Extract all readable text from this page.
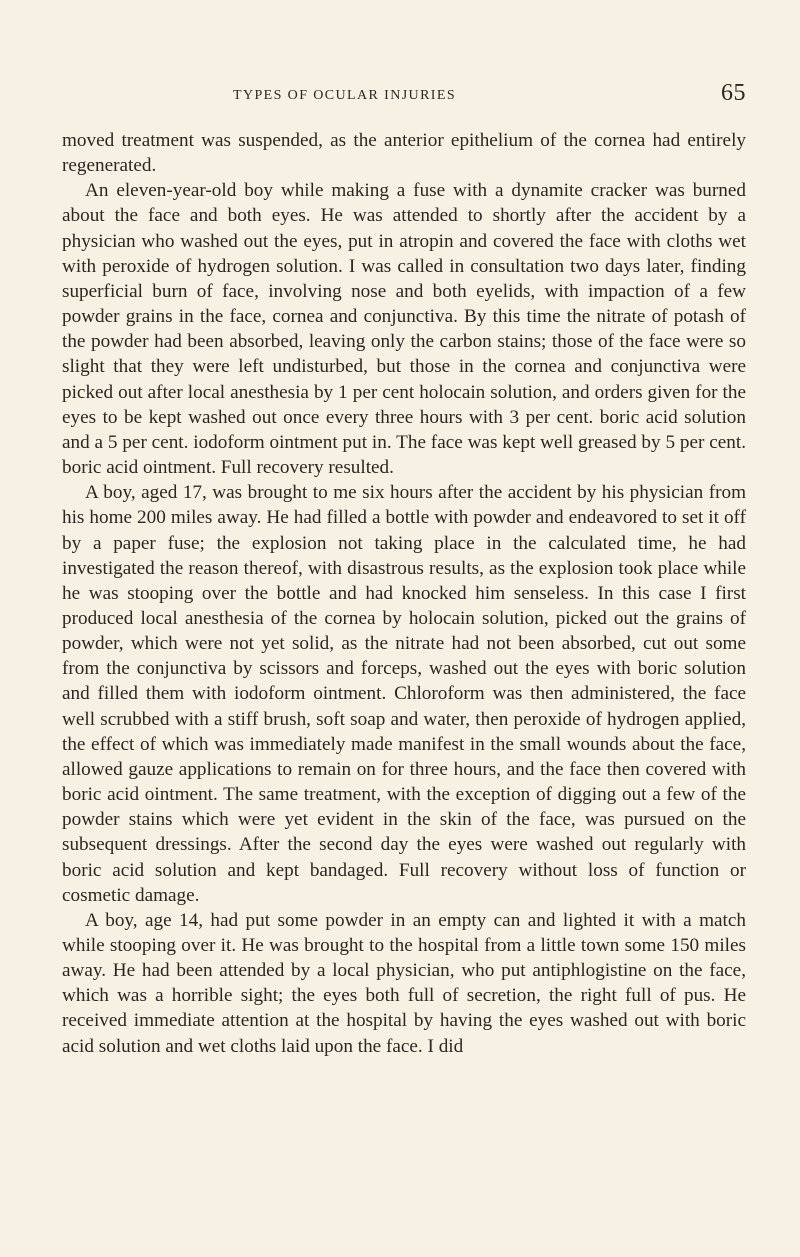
TYPES OF OCULAR INJURIES	65

moved treatment was suspended, as the anterior epithelium of the cornea had entirely regenerated.

An eleven-year-old boy while making a fuse with a dynamite cracker was burned about the face and both eyes. He was attended to shortly after the accident by a physician who washed out the eyes, put in atropin and covered the face with cloths wet with peroxide of hydrogen solution. I was called in consultation two days later, finding superficial burn of face, involving nose and both eyelids, with impaction of a few powder grains in the face, cornea and conjunctiva. By this time the nitrate of potash of the powder had been absorbed, leaving only the carbon stains; those of the face were so slight that they were left undisturbed, but those in the cornea and conjunctiva were picked out after local anesthesia by 1 per cent holocain solution, and orders given for the eyes to be kept washed out once every three hours with 3 per cent. boric acid solution and a 5 per cent. iodoform ointment put in. The face was kept well greased by 5 per cent. boric acid ointment. Full recovery resulted.

A boy, aged 17, was brought to me six hours after the accident by his physician from his home 200 miles away. He had filled a bottle with powder and endeavored to set it off by a paper fuse; the explosion not taking place in the calculated time, he had investigated the reason thereof, with disastrous results, as the explosion took place while he was stooping over the bottle and had knocked him senseless. In this case I first produced local anesthesia of the cornea by holocain solution, picked out the grains of powder, which were not yet solid, as the nitrate had not been absorbed, cut out some from the conjunctiva by scissors and forceps, washed out the eyes with boric solution and filled them with iodoform ointment. Chloroform was then administered, the face well scrubbed with a stiff brush, soft soap and water, then peroxide of hydrogen applied, the effect of which was immediately made manifest in the small wounds about the face, allowed gauze applications to remain on for three hours, and the face then covered with boric acid ointment. The same treatment, with the exception of digging out a few of the powder stains which were yet evident in the skin of the face, was pursued on the subsequent dressings. After the second day the eyes were washed out regularly with boric acid solution and kept bandaged. Full recovery without loss of function or cosmetic damage.

A boy, age 14, had put some powder in an empty can and lighted it with a match while stooping over it. He was brought to the hospital from a little town some 150 miles away. He had been attended by a local physician, who put antiphlogistine on the face, which was a horrible sight; the eyes both full of secretion, the right full of pus. He received immediate attention at the hospital by having the eyes washed out with boric acid solution and wet cloths laid upon the face. I did
